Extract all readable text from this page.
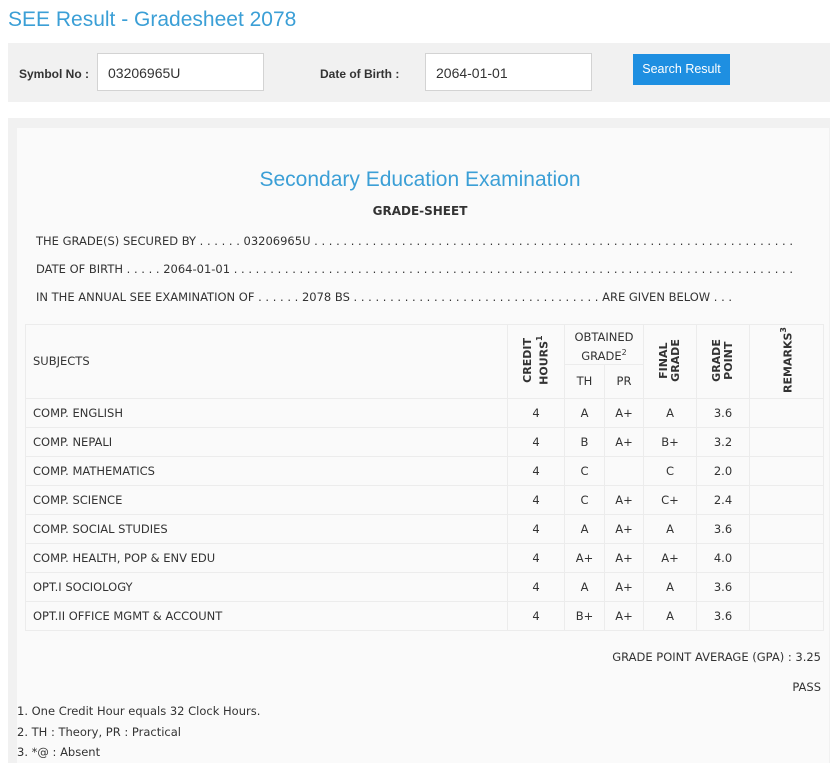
SEE Result - Gradesheet 2078
Symbol No :	03206965U	Date of Birth :	2064-01-01	Search Result
Secondary Education Examination
GRADE-SHEET
THE GRADE(S) SECURED BY . . . . . . 03206965U . . . . . . . . . . . . . . . . . . . . . . . . . . . . . . . . . . . . . . . . . . . . . . . . . . . . . . . . . . . . . . . . . .
DATE OF BIRTH . . . . . 2064-01-01 . . . . . . . . . . . . . . . . . . . . . . . . . . . . . . . . . . . . . . . . . . . . . . . . . . . . . . . . . . . . . . . . . . . . . . . . . . . . .
IN THE ANNUAL SEE EXAMINATION OF . . . . . . 2078 BS . . . . . . . . . . . . . . . . . . . . . . . . . . . . . . . . . . ARE GIVEN BELOW . . .
SUBJECTS	CREDIT HOURS$^1$	OBTAINED GRADE$^2$		FINAL GRADE	GRADE POINT	REMARKS$^3$
		TH	PR			
COMP. ENGLISH	4	A	A+	A	3.6	
COMP. NEPALI	4	B	A+	B+	3.2	
COMP. MATHEMATICS	4	C		C	2.0	
COMP. SCIENCE	4	C	A+	C+	2.4	
COMP. SOCIAL STUDIES	4	A	A+	A	3.6	
COMP. HEALTH, POP & ENV EDU	4	A+	A+	A+	4.0	
OPT.I SOCIOLOGY	4	A	A+	A	3.6	
OPT.II OFFICE MGMT & ACCOUNT	4	B+	A+	A	3.6	
GRADE POINT AVERAGE (GPA) : 3.25
PASS
1. One Credit Hour equals 32 Clock Hours.
2. TH : Theory, PR : Practical
3. *@ : Absent
